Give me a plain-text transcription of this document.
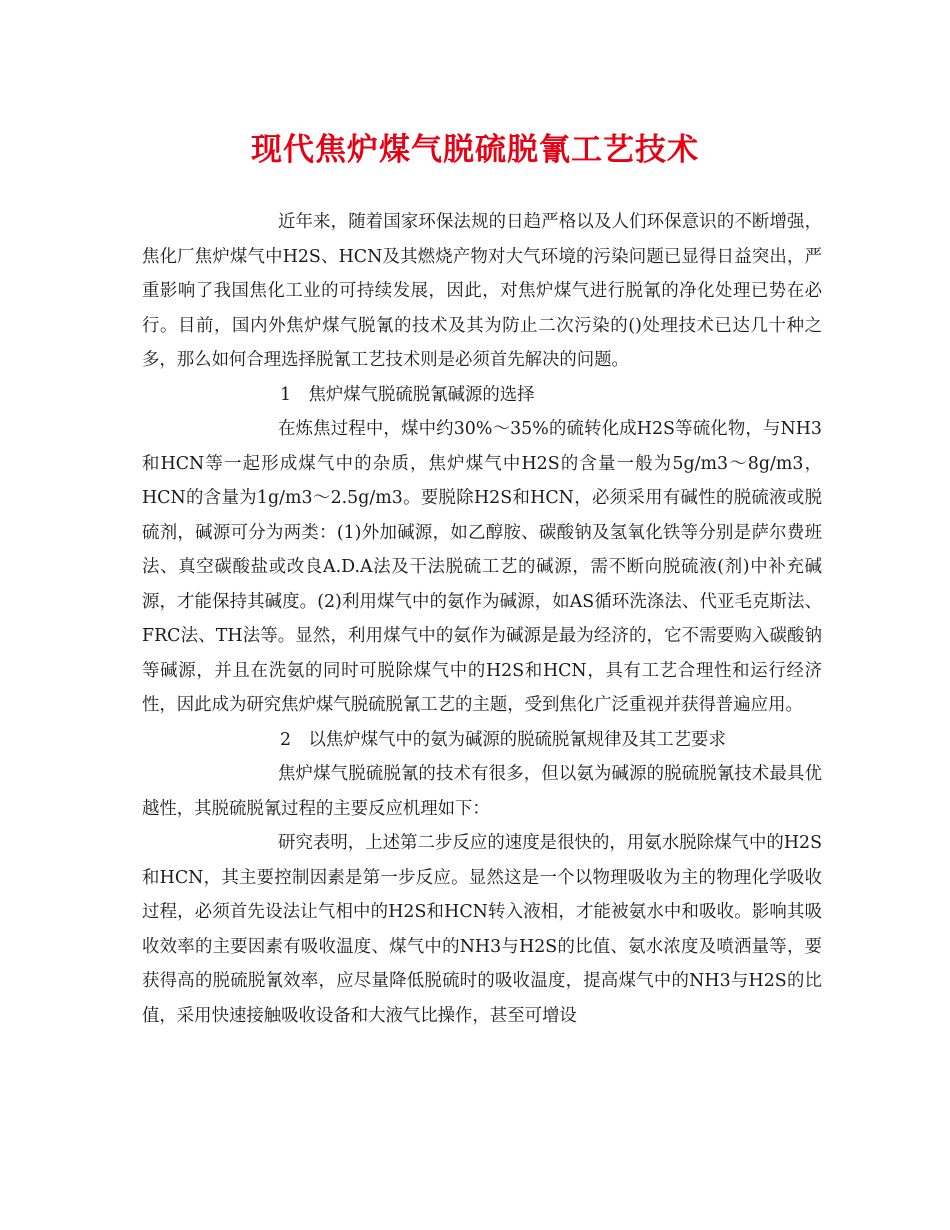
现代焦炉煤气脱硫脱氰工艺技术

近年来，随着国家环保法规的日趋严格以及人们环保意识的不断增强，焦化厂焦炉煤气中H2S、HCN及其燃烧产物对大气环境的污染问题已显得日益突出，严重影响了我国焦化工业的可持续发展，因此，对焦炉煤气进行脱氰的净化处理已势在必行。目前，国内外焦炉煤气脱氰的技术及其为防止二次污染的()处理技术已达几十种之多，那么如何合理选择脱氰工艺技术则是必须首先解决的问题。

1　焦炉煤气脱硫脱氰碱源的选择

在炼焦过程中，煤中约30%～35%的硫转化成H2S等硫化物，与NH3和HCN等一起形成煤气中的杂质，焦炉煤气中H2S的含量一般为5g/m3～8g/m3，HCN的含量为1g/m3～2.5g/m3。要脱除H2S和HCN，必须采用有碱性的脱硫液或脱硫剂，碱源可分为两类：(1)外加碱源，如乙醇胺、碳酸钠及氢氧化铁等分别是萨尔费班法、真空碳酸盐或改良A.D.A法及干法脱硫工艺的碱源，需不断向脱硫液(剂)中补充碱源，才能保持其碱度。(2)利用煤气中的氨作为碱源，如AS循环洗涤法、代亚毛克斯法、FRC法、TH法等。显然，利用煤气中的氨作为碱源是最为经济的，它不需要购入碳酸钠等碱源，并且在洗氨的同时可脱除煤气中的H2S和HCN，具有工艺合理性和运行经济性，因此成为研究焦炉煤气脱硫脱氰工艺的主题，受到焦化广泛重视并获得普遍应用。

2　以焦炉煤气中的氨为碱源的脱硫脱氰规律及其工艺要求

焦炉煤气脱硫脱氰的技术有很多，但以氨为碱源的脱硫脱氰技术最具优越性，其脱硫脱氰过程的主要反应机理如下：

研究表明，上述第二步反应的速度是很快的，用氨水脱除煤气中的H2S和HCN，其主要控制因素是第一步反应。显然这是一个以物理吸收为主的物理化学吸收过程，必须首先设法让气相中的H2S和HCN转入液相，才能被氨水中和吸收。影响其吸收效率的主要因素有吸收温度、煤气中的NH3与H2S的比值、氨水浓度及喷洒量等，要获得高的脱硫脱氰效率，应尽量降低脱硫时的吸收温度，提高煤气中的NH3与H2S的比值，采用快速接触吸收设备和大液气比操作，甚至可增设
